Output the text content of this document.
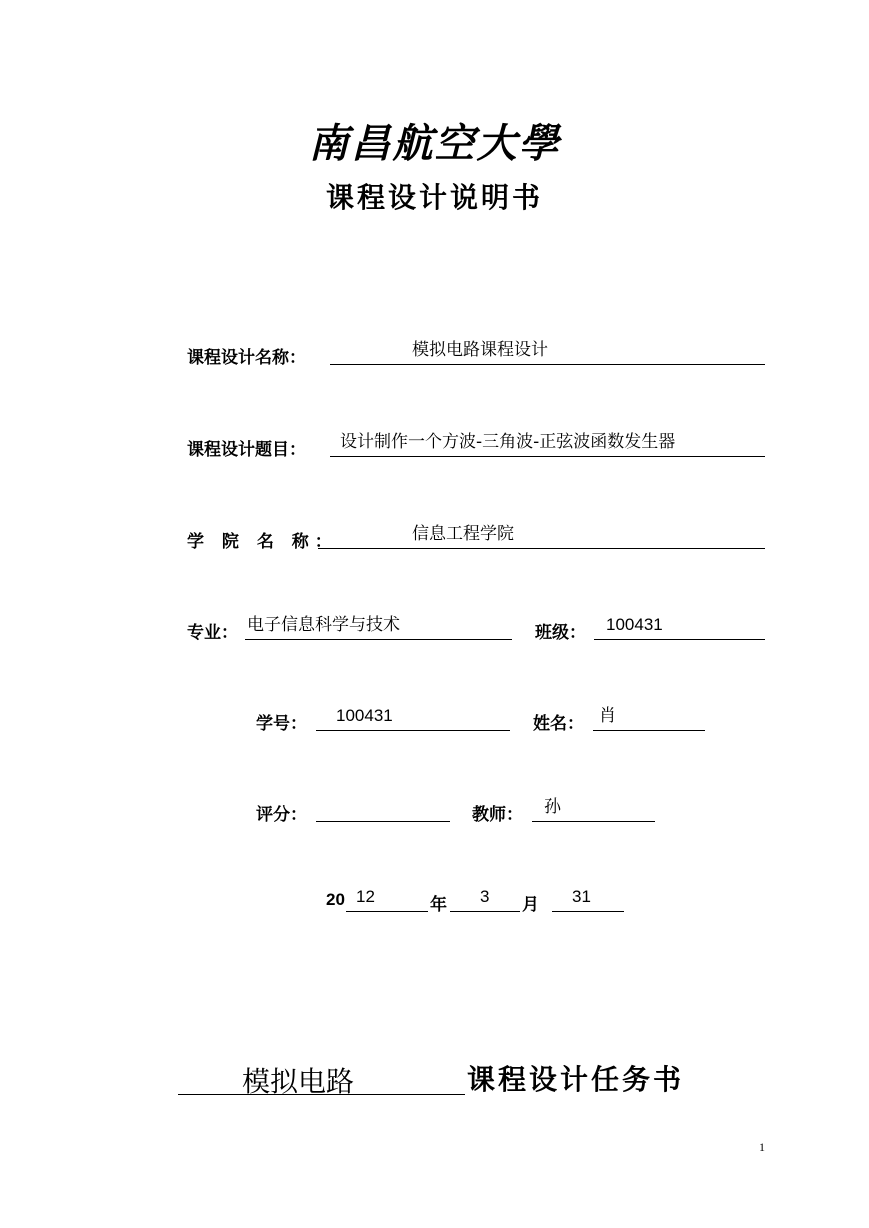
南昌航空大學
课程设计说明书
课程设计名称：	模拟电路课程设计
课程设计题目： 设计制作一个方波-三角波-正弦波函数发生器
学 院 名 称：	信息工程学院
专业： 电子信息科学与技术	班级： 100431
学号： 100431	姓名： 肖
评分：	教师： 孙
20 12	年 3 月 31
模拟电路	课程设计任务书
1
